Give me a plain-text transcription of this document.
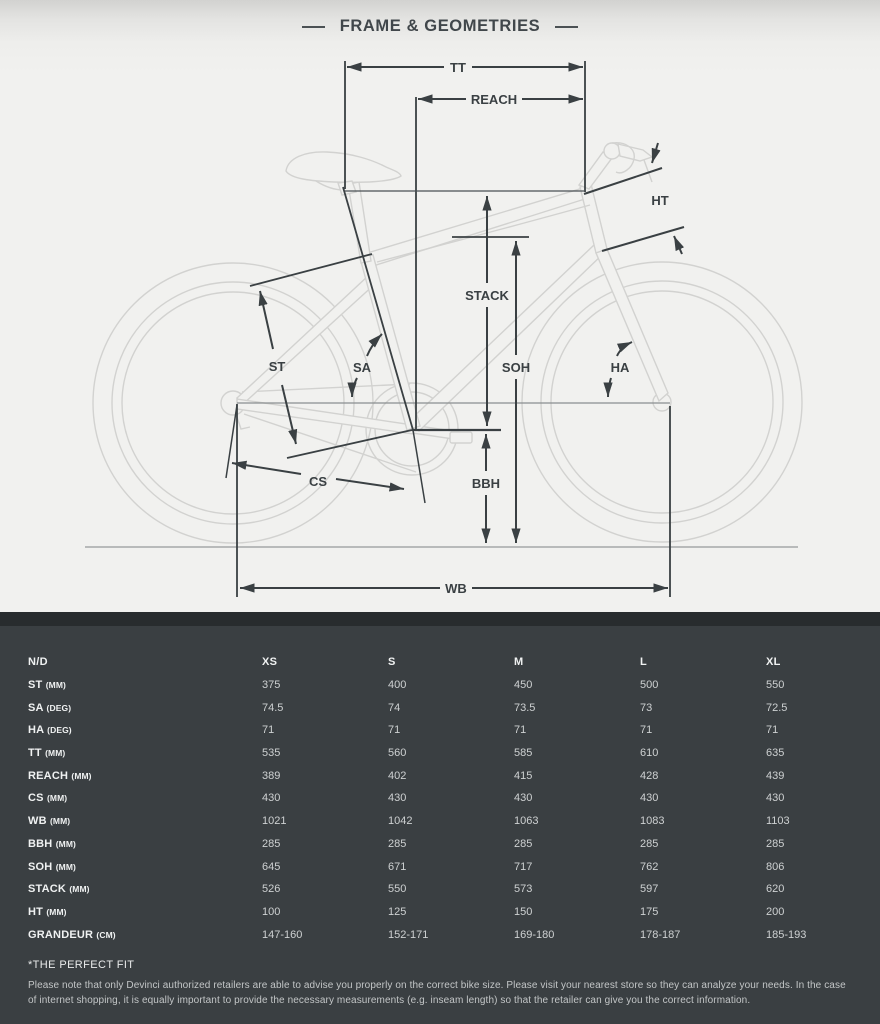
FRAME & GEOMETRIES
TT
REACH
STACK
BBH
SOH
ST	SA	HA
HT
CS
WB
N/D	XS	S	M	L	XL
ST (MM)	375	400	450	500	550
SA (DEG)	74.5	74	73.5	73	72.5
HA (DEG)	71	71	71	71	71
TT (MM)	535	560	585	610	635
REACH (MM)	389	402	415	428	439
CS (MM)	430	430	430	430	430
WB (MM)	1021	1042	1063	1083	1103
BBH (MM)	285	285	285	285	285
SOH (MM)	645	671	717	762	806
STACK (MM)	526	550	573	597	620
HT (MM)	100	125	150	175	200
GRANDEUR (CM)	147-160	152-171	169-180	178-187	185-193
*THE PERFECT FIT

Please note that only Devinci authorized retailers are able to advise you properly on the correct bike size. Please visit your nearest store so they can analyze your needs. In the case of internet shopping, it is equally important to provide the necessary measurements (e.g. inseam length) so that the retailer can give you the correct information.
